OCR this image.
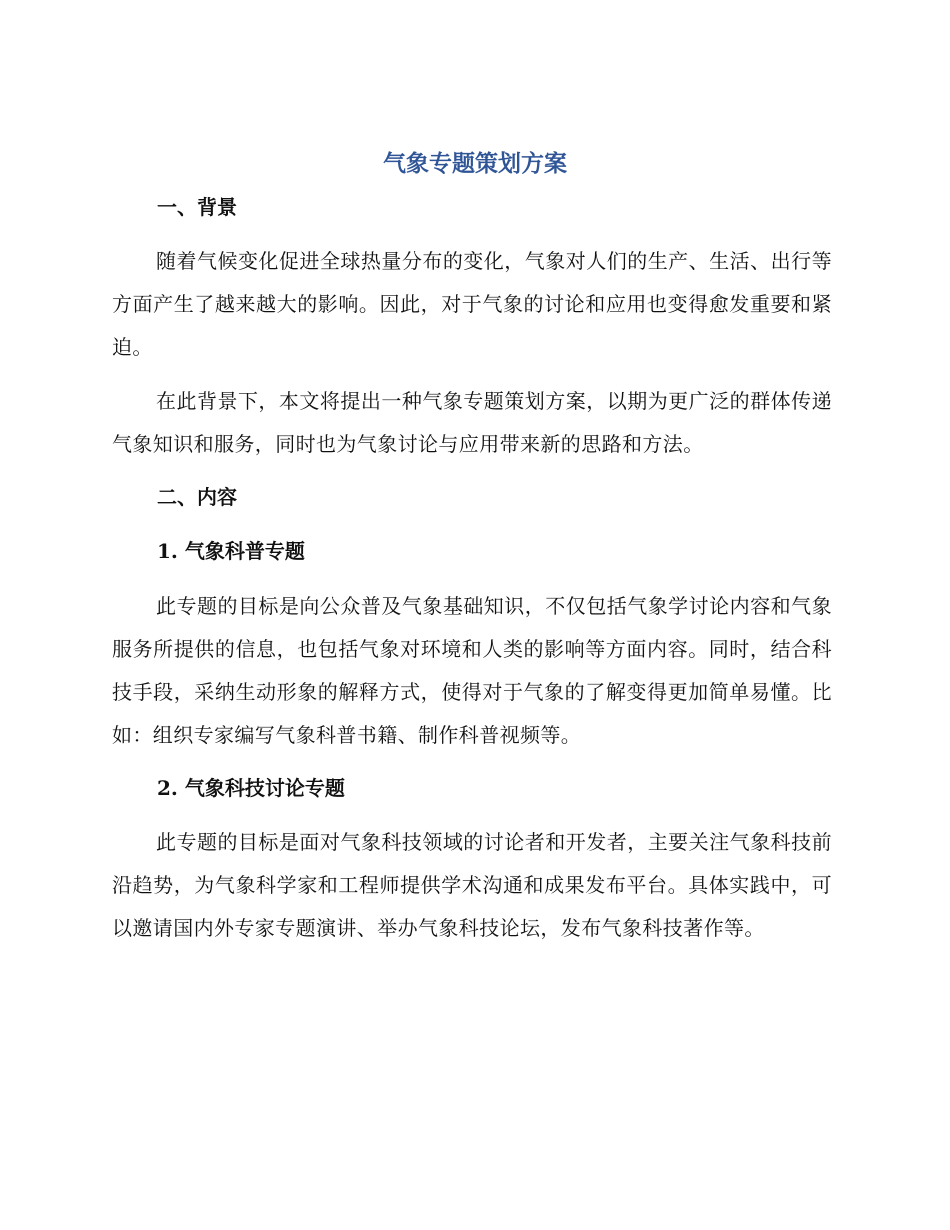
气象专题策划方案
一、背景
随着气候变化促进全球热量分布的变化，气象对人们的生产、生活、出行等方面产生了越来越大的影响。因此，对于气象的讨论和应用也变得愈发重要和紧迫。
在此背景下，本文将提出一种气象专题策划方案，以期为更广泛的群体传递气象知识和服务，同时也为气象讨论与应用带来新的思路和方法。
二、内容
1. 气象科普专题
此专题的目标是向公众普及气象基础知识，不仅包括气象学讨论内容和气象服务所提供的信息，也包括气象对环境和人类的影响等方面内容。同时，结合科技手段，采纳生动形象的解释方式，使得对于气象的了解变得更加简单易懂。比如：组织专家编写气象科普书籍、制作科普视频等。
2. 气象科技讨论专题
此专题的目标是面对气象科技领域的讨论者和开发者，主要关注气象科技前沿趋势，为气象科学家和工程师提供学术沟通和成果发布平台。具体实践中，可以邀请国内外专家专题演讲、举办气象科技论坛，发布气象科技著作等。
